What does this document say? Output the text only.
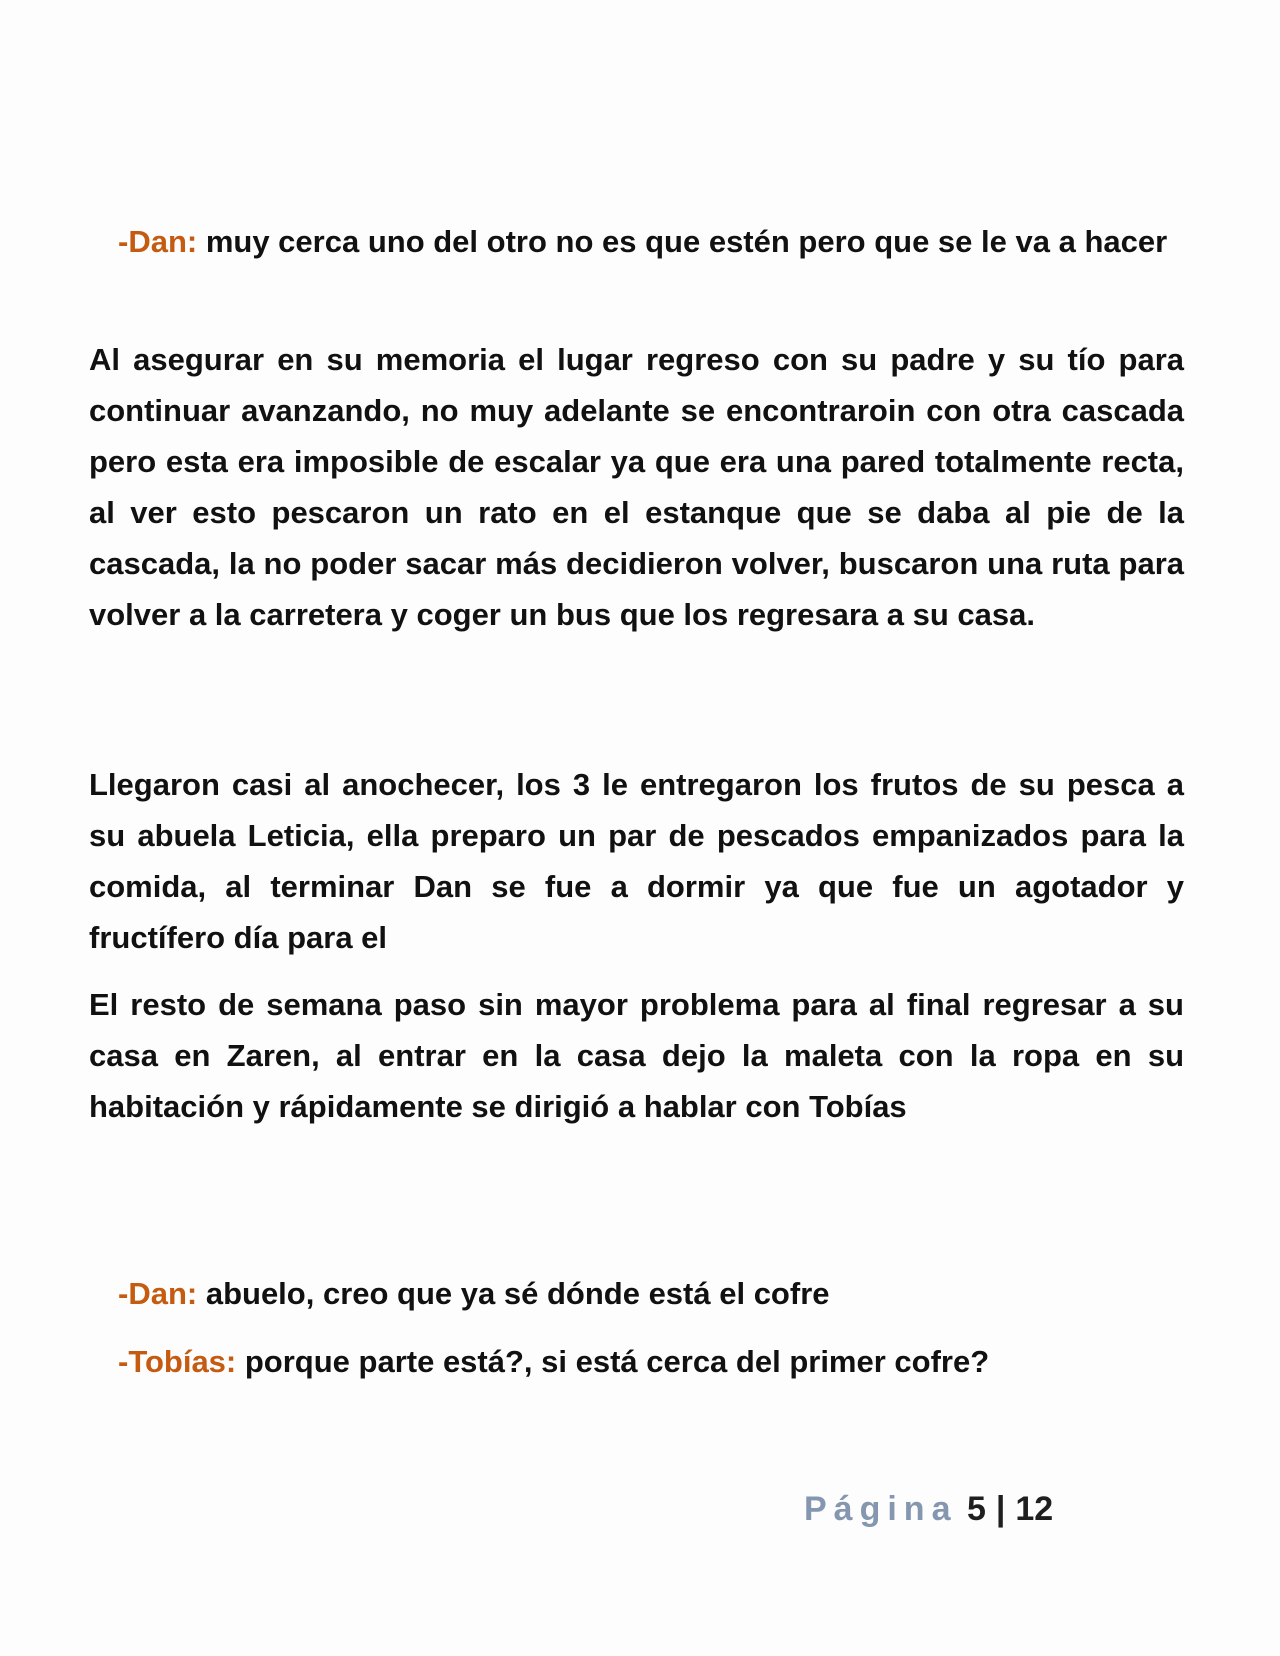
-Dan: muy cerca uno del otro no es que estén pero que se le va a hacer

Al asegurar en su memoria el lugar regreso con su padre y su tío para continuar avanzando, no muy adelante se encontraroin con otra cascada pero esta era imposible de escalar ya que era una pared totalmente recta, al ver esto pescaron un rato en el estanque que se daba al pie de la cascada, la no poder sacar más decidieron volver, buscaron una ruta para volver a la carretera y coger un bus que los regresara a su casa.

Llegaron casi al anochecer, los 3 le entregaron los frutos de su pesca a su abuela Leticia, ella preparo un par de pescados empanizados para la comida, al terminar Dan se fue a dormir ya que fue un agotador y fructífero día para el

El resto de semana paso sin mayor problema para al final regresar a su casa en Zaren, al entrar en la casa dejo la maleta con la ropa en su habitación y rápidamente se dirigió a hablar con Tobías

-Dan: abuelo, creo que ya sé dónde está el cofre

-Tobías: porque parte está?, si está cerca del primer cofre?

Página 5 | 12
